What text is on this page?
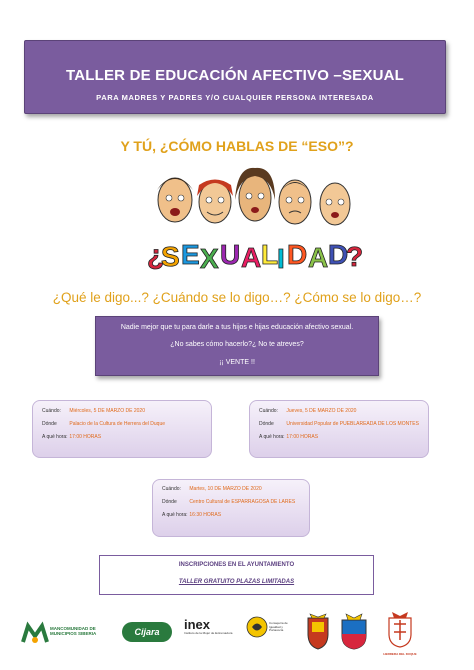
TALLER DE EDUCACIÓN AFECTIVO –SEXUAL
PARA MADRES Y PADRES Y/O CUALQUIER PERSONA INTERESADA
Y TÚ, ¿CÓMO HABLAS DE “ESO”?
¿
S E X U A L
I D A D
?
¿Qué le digo...? ¿Cuándo se lo digo…? ¿Cómo se lo digo…?
Nadie mejor que tu para darle a tus hijos e hijas educación afectivo sexual.
¿No sabes cómo hacerlo?¿ No te atreves?
¡¡ VENTE !!
Cuándo: Miércoles, 5 DE MARZO DE 2020
Dónde	Palacio de la Cultura de Herrera del Duque
A qué hora: 17:00 HORAS
Cuándo: Jueves, 5 DE MARZO DE 2020
Dónde	Universidad Popular de PUEBLAREADA DE LOS MONTES
A qué hora: 17:00 HORAS
Cuándo: Martes, 10 DE MARZO DE 2020
Dónde	Centro Cultural de ESPARRAGOSA DE LARES
A qué hora: 16:30 HORAS
INSCRIPCIONES EN EL AYUNTAMIENTO
TALLER GRATUITO PLAZAS LIMITADAS
MANCOMUNIDAD DE MUNICIPIOS SIBERIA	Cijara	inex
Instituto de la Mujer de Extremadura
Consejería de Igualdad y Portavocía
HERRERA DEL DUQUE
